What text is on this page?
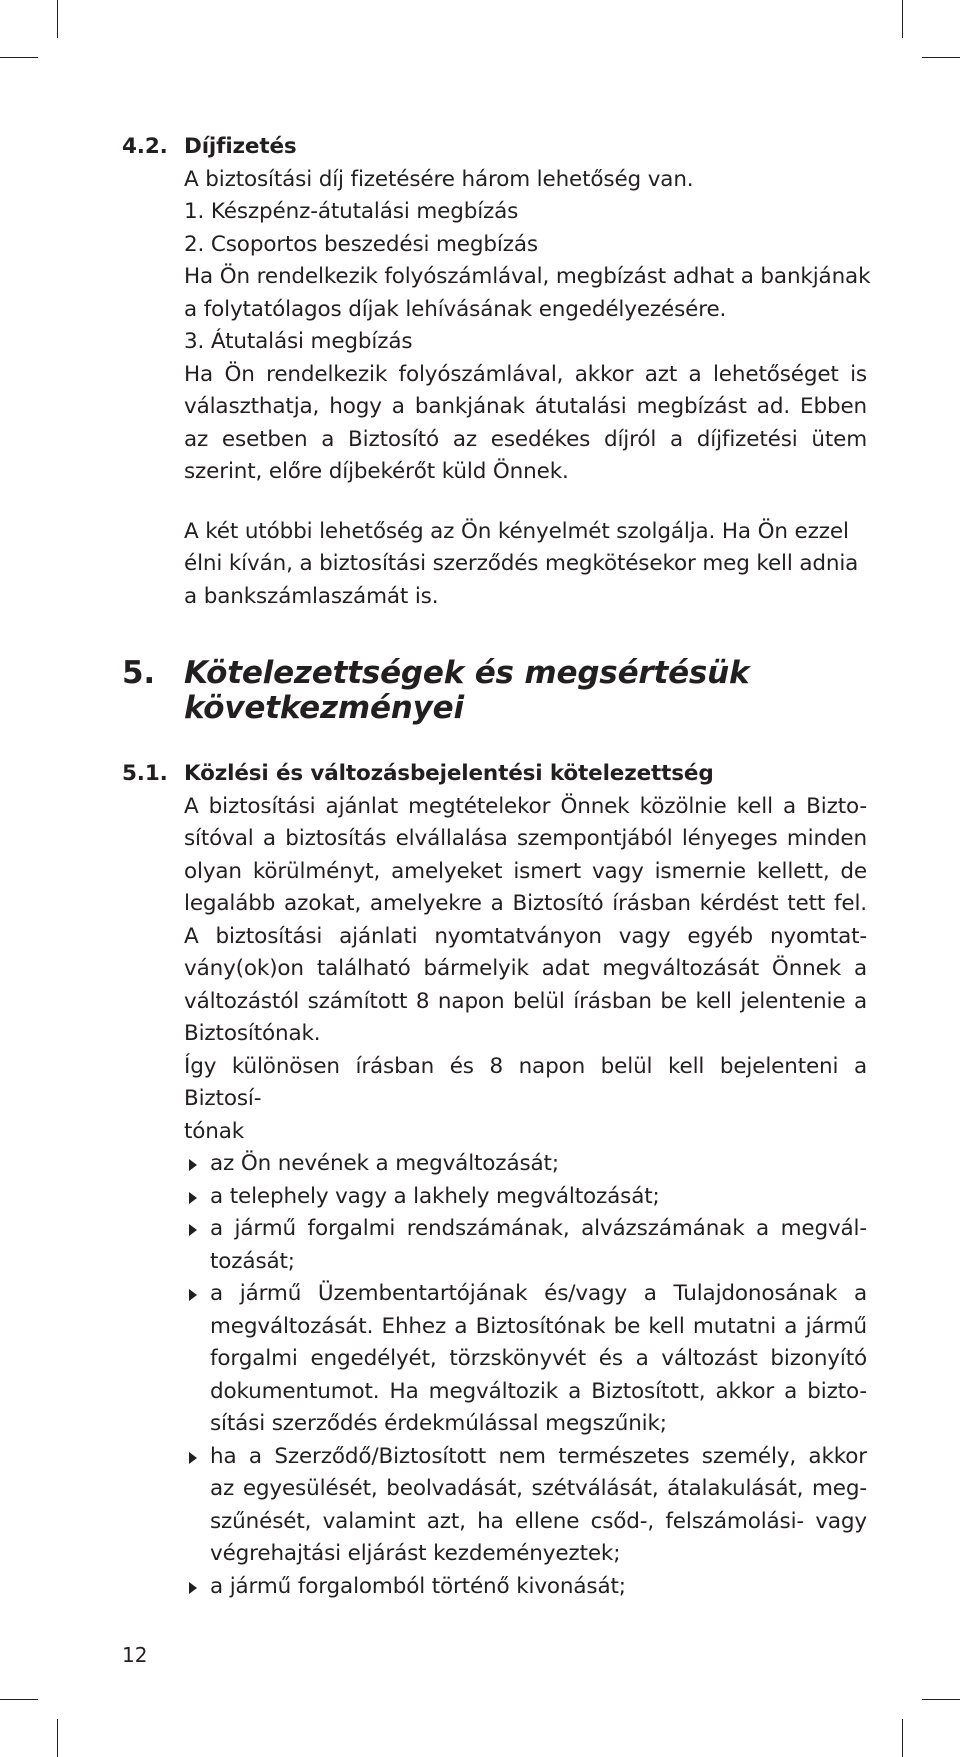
4.2. Díjfizetés
A biztosítási díj fizetésére három lehetőség van.
1. Készpénz-átutalási megbízás
2. Csoportos beszedési megbízás
Ha Ön rendelkezik folyószámlával, megbízást adhat a bankjának
a folytatólagos díjak lehívásának engedélyezésére.
3. Átutalási megbízás
Ha Ön rendelkezik folyószámlával, akkor azt a lehetőséget is
választhatja, hogy a bankjának átutalási megbízást ad. Ebben
az esetben a Biztosító az esedékes díjról a díjfizetési ütem
szerint, előre díjbekérőt küld Önnek.
A két utóbbi lehetőség az Ön kényelmét szolgálja. Ha Ön ezzel
élni kíván, a biztosítási szerződés megkötésekor meg kell adnia
a bankszámlaszámát is.
5. Kötelezettségek és megsértésük
következményei
5.1. Közlési és változásbejelentési kötelezettség
A biztosítási ajánlat megtételekor Önnek közölnie kell a Bizto-
sítóval a biztosítás elvállalása szempontjából lényeges minden
olyan körülményt, amelyeket ismert vagy ismernie kellett, de
legalább azokat, amelyekre a Biztosító írásban kérdést tett fel.
A biztosítási ajánlati nyomtatványon vagy egyéb nyomtat-
vány(ok)on található bármelyik adat megváltozását Önnek a
változástól számított 8 napon belül írásban be kell jelentenie a
Biztosítónak.
Így különösen írásban és 8 napon belül kell bejelenteni a Biztosí-
tónak
az Ön nevének a megváltozását;
a telephely vagy a lakhely megváltozását;
a jármű forgalmi rendszámának, alvázszámának a megvál-
tozását;
a jármű Üzembentartójának és/vagy a Tulajdonosának a
megváltozását. Ehhez a Biztosítónak be kell mutatni a jármű
forgalmi engedélyét, törzskönyvét és a változást bizonyító
dokumentumot. Ha megváltozik a Biztosított, akkor a bizto-
sítási szerződés érdekmúlással megszűnik;
ha a Szerződő/Biztosított nem természetes személy, akkor
az egyesülését, beolvadását, szétválását, átalakulását, meg-
szűnését, valamint azt, ha ellene csőd-, felszámolási- vagy
végrehajtási eljárást kezdeményeztek;
a jármű forgalomból történő kivonását;
12
